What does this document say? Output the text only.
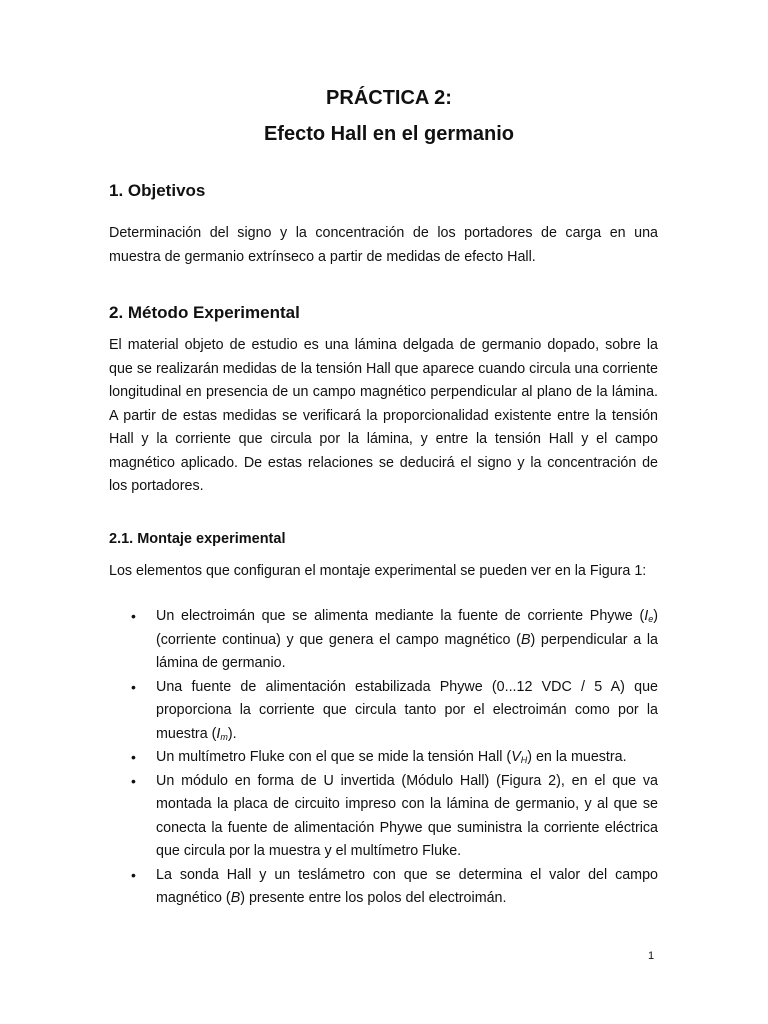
PRÁCTICA 2:
Efecto Hall en el germanio
1. Objetivos

Determinación del signo y la concentración de los portadores de carga en una muestra de germanio extrínseco a partir de medidas de efecto Hall.

2. Método Experimental

El material objeto de estudio es una lámina delgada de germanio dopado, sobre la que se realizarán medidas de la tensión Hall que aparece cuando circula una corriente longitudinal en presencia de un campo magnético perpendicular al plano de la lámina. A partir de estas medidas se verificará la proporcionalidad existente entre la tensión Hall y la corriente que circula por la lámina, y entre la tensión Hall y el campo magnético aplicado. De estas relaciones se deducirá el signo y la concentración de los portadores.

2.1. Montaje experimental

Los elementos que configuran el montaje experimental se pueden ver en la Figura 1:

• Un electroimán que se alimenta mediante la fuente de corriente Phywe $(I_e)$ (corriente continua) y que genera el campo magnético (B) perpendicular a la lámina de germanio.
• Una fuente de alimentación estabilizada Phywe (0...12 VDC / 5 A) que proporciona la corriente que circula tanto por el electroimán como por la muestra $(I_m)$.
• Un multímetro Fluke con el que se mide la tensión Hall $(V_H)$ en la muestra.
• Un módulo en forma de U invertida (Módulo Hall) (Figura 2), en el que va montada la placa de circuito impreso con la lámina de germanio, y al que se conecta la fuente de alimentación Phywe que suministra la corriente eléctrica que circula por la muestra y el multímetro Fluke.
• La sonda Hall y un teslámetro con que se determina el valor del campo magnético (B) presente entre los polos del electroimán.
1
